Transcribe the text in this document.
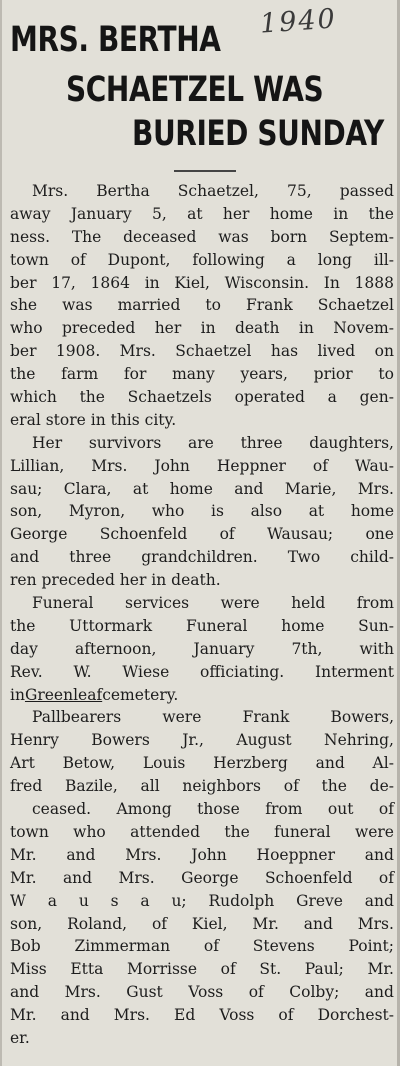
1940
MRS. BERTHA
SCHAETZEL WAS
BURIED SUNDAY
Mrs. Bertha Schaetzel, 75, passed
away January 5, at her home in the
ness. The deceased was born Septem-
town of Dupont, following a long ill-
ber 17, 1864 in Kiel, Wisconsin. In 1888
she was married to Frank Schaetzel
who preceded her in death in Novem-
ber 1908. Mrs. Schaetzel has lived on
the farm for many years, prior to
which the Schaetzels operated a gen-
eral store in this city.
Her survivors are three daughters,
Lillian, Mrs. John Heppner of Wau-
sau; Clara, at home and Marie, Mrs.
son, Myron, who is also at home
George Schoenfeld of Wausau; one
and three grandchildren. Two child-
ren preceded her in death.
Funeral services were held from
the Uttormark Funeral home Sun-
day afternoon, January 7th, with
Rev. W. Wiese officiating. Interment
in Greenleaf cemetery.
Pallbearers	were	Frank	Bowers,
Henry Bowers Jr., August Nehring,
Art Betow, Louis Herzberg and Al-
fred Bazile, all neighbors of the de-
ceased. Among those from out of
town who attended the funeral were
Mr. and Mrs. John Hoeppner and
Mr. and Mrs. George Schoenfeld of
W a u s a u; Rudolph Greve and
son, Roland, of Kiel, Mr. and Mrs.
Bob Zimmerman of Stevens Point;
Miss Etta Morrisse of St. Paul; Mr.
and Mrs. Gust Voss of Colby; and
Mr. and Mrs. Ed Voss of Dorchest-
er.
